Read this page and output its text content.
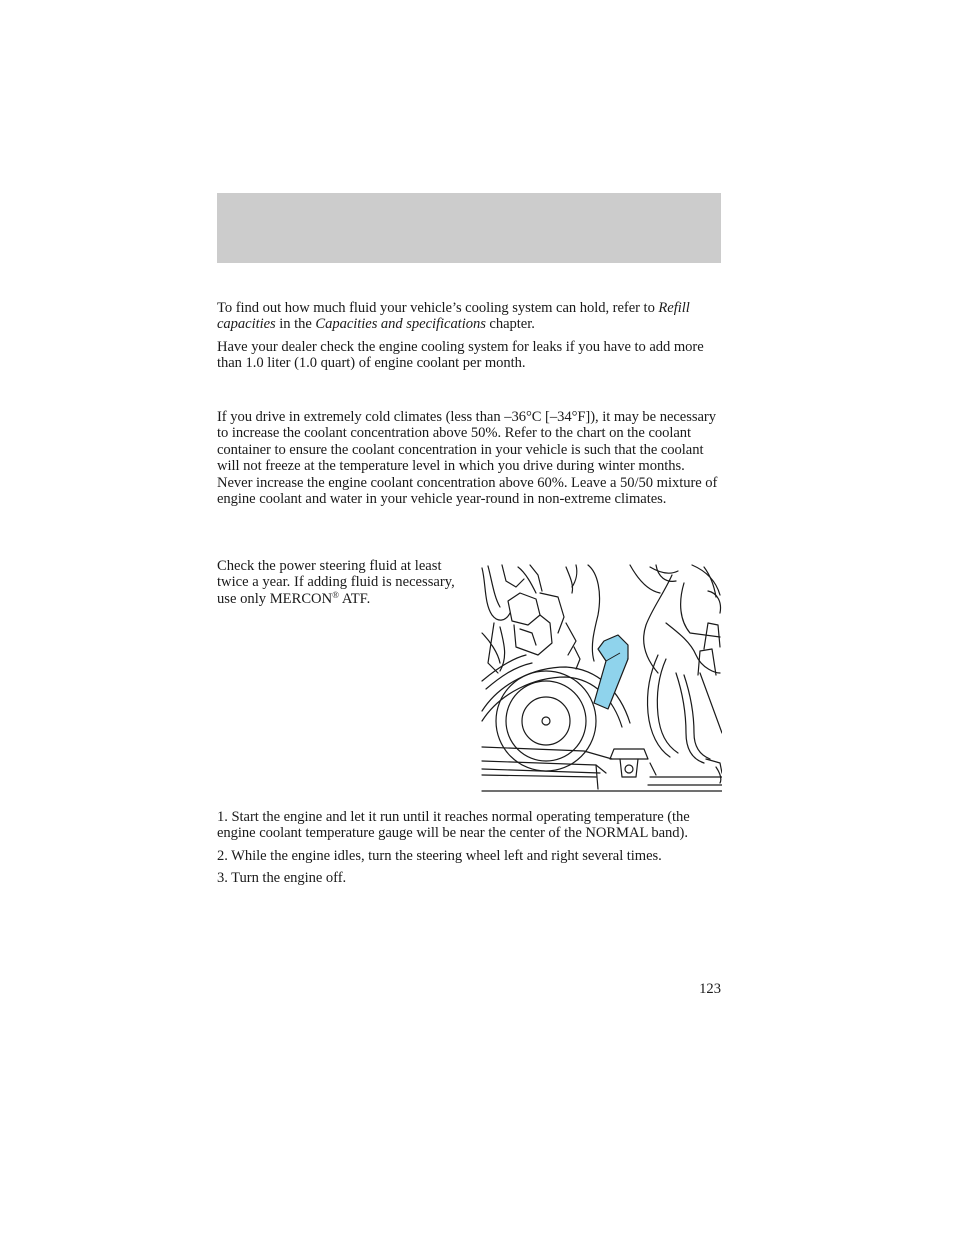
To find out how much fluid your vehicle’s cooling system can hold, refer to Refill capacities in the Capacities and specifications chapter.

Have your dealer check the engine cooling system for leaks if you have to add more than 1.0 liter (1.0 quart) of engine coolant per month.

If you drive in extremely cold climates (less than –36°C [–34°F]), it may be necessary to increase the coolant concentration above 50%. Refer to the chart on the coolant container to ensure the coolant concentration in your vehicle is such that the coolant will not freeze at the temperature level in which you drive during winter months. Never increase the engine coolant concentration above 60%. Leave a 50/50 mixture of engine coolant and water in your vehicle year-round in non-extreme climates.

Check the power steering fluid at least twice a year. If adding fluid is necessary, use only MERCON® ATF.

1. Start the engine and let it run until it reaches normal operating temperature (the engine coolant temperature gauge will be near the center of the NORMAL band).

2. While the engine idles, turn the steering wheel left and right several times.

3. Turn the engine off.

123
